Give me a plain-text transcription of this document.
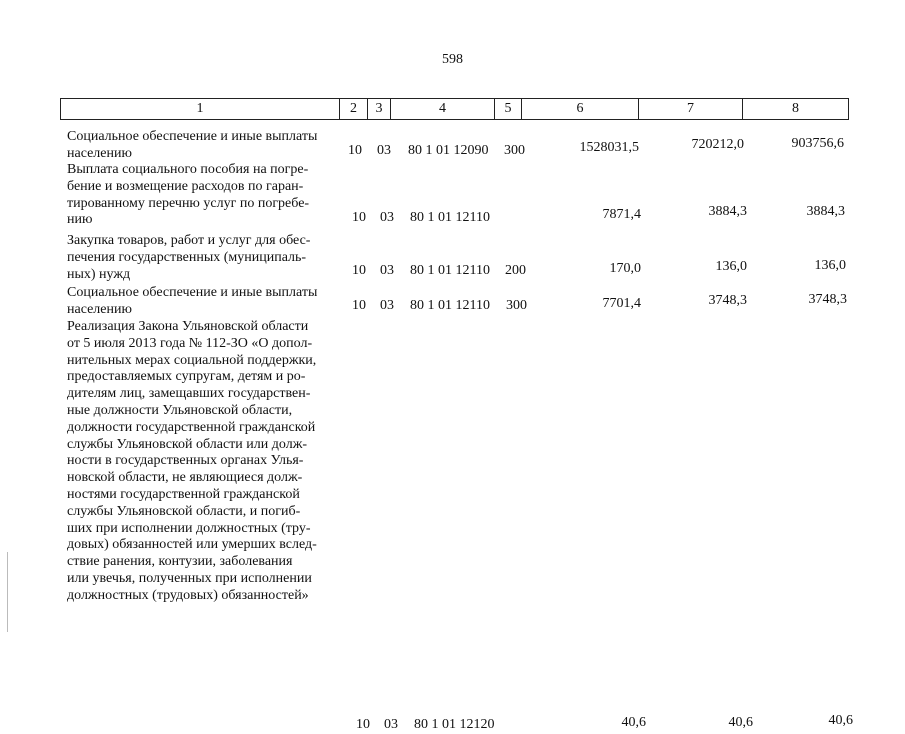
598
1	2	3	4	5	6	7	8
Социальное обеспечение и иные выплаты
населению	10 03 80 1 01 12090 300	1528031,5	720212,0	903756,6
Выплата социального пособия на погре-
бение и возмещение расходов по гаран-
тированному перечню услуг по погребе-
нию	10 03 80 1 01 12110	7871,4	3884,3	3884,3
Закупка товаров, работ и услуг для обес-
печения государственных (муниципаль-
ных) нужд	10 03 80 1 01 12110 200	170,0	136,0	136,0
Социальное обеспечение и иные выплаты
населению	10 03 80 1 01 12110 300	7701,4	3748,3	3748,3
Реализация Закона Ульяновской области
от 5 июля 2013 года № 112-ЗО «О допол-
нительных мерах социальной поддержки,
предоставляемых супругам, детям и ро-
дителям лиц, замещавших государствен-
ные должности Ульяновской области,
должности государственной гражданской
службы Ульяновской области или долж-
ности в государственных органах Улья-
новской области, не являющиеся долж-
ностями государственной гражданской
службы Ульяновской области, и погиб-
ших при исполнении должностных (тру-
довых) обязанностей или умерших вслед-
ствие ранения, контузии, заболевания
или увечья, полученных при исполнении
должностных (трудовых) обязанностей»
10 03 80 1 01 12120	40,6	40,6	40,6
